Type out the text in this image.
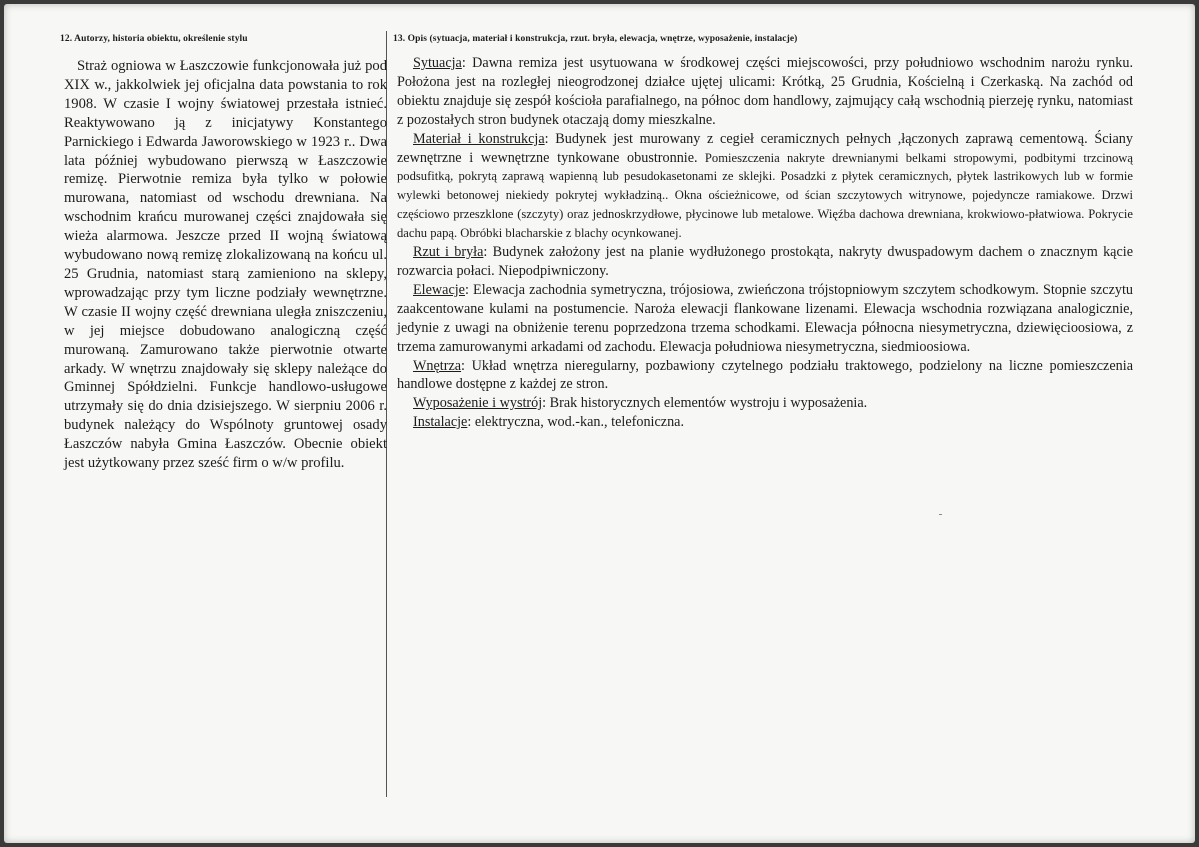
12. Autorzy, historia obiektu, określenie stylu

Straż ogniowa w Łaszczowie funkcjonowała już pod XIX w., jakkolwiek jej oficjalna data powstania to rok 1908. W czasie I wojny światowej przestała istnieć. Reaktywowano ją z inicjatywy Konstantego Parnickiego i Edwarda Jaworowskiego w 1923 r.. Dwa lata później wybudowano pierwszą w Łaszczowie remizę. Pierwotnie remiza była tylko w połowie murowana, natomiast od wschodu drewniana. Na wschodnim krańcu murowanej części znajdowała się wieża alarmowa. Jeszcze przed II wojną światową wybudowano nową remizę zlokalizowaną na końcu ul. 25 Grudnia, natomiast starą zamieniono na sklepy, wprowadzając przy tym liczne podziały wewnętrzne. W czasie II wojny część drewniana uległa zniszczeniu, w jej miejsce dobudowano analogiczną część murowaną. Zamurowano także pierwotnie otwarte arkady. W wnętrzu znajdowały się sklepy należące do Gminnej Spółdzielni. Funkcje handlowo-usługowe utrzymały się do dnia dzisiejszego. W sierpniu 2006 r. budynek należący do Wspólnoty gruntowej osady Łaszczów nabyła Gmina Łaszczów. Obecnie obiekt jest użytkowany przez sześć firm o w/w profilu.

13. Opis (sytuacja, materiał i konstrukcja, rzut. bryła, elewacja, wnętrze, wyposażenie, instalacje)

Sytuacja: Dawna remiza jest usytuowana w środkowej części miejscowości, przy południowo wschodnim narożu rynku. Położona jest na rozległej nieogrodzonej działce ujętej ulicami: Krótką, 25 Grudnia, Kościelną i Czerkaską. Na zachód od obiektu znajduje się zespół kościoła parafialnego, na północ dom handlowy, zajmujący całą wschodnią pierzeję rynku, natomiast z pozostałych stron budynek otaczają domy mieszkalne.

Materiał i konstrukcja: Budynek jest murowany z cegieł ceramicznych pełnych ,łączonych zaprawą cementową. Ściany zewnętrzne i wewnętrzne tynkowane obustronnie. Pomieszczenia nakryte drewnianymi belkami stropowymi, podbitymi trzcinową podsufitką, pokrytą zaprawą wapienną lub pesudokasetonami ze sklejki. Posadzki z płytek ceramicznych, płytek lastrikowych lub w formie wylewki betonowej niekiedy pokrytej wykładziną.. Okna ościeżnicowe, od ścian szczytowych witrynowe, pojedyncze ramiakowe. Drzwi częściowo przeszklone (szczyty) oraz jednoskrzydłowe, płycinowe lub metalowe. Więźba dachowa drewniana, krokwiowo-płatwiowa. Pokrycie dachu papą. Obróbki blacharskie z blachy ocynkowanej.

Rzut i bryła: Budynek założony jest na planie wydłużonego prostokąta, nakryty dwuspadowym dachem o znacznym kącie rozwarcia połaci. Niepodpiwniczony.

Elewacje: Elewacja zachodnia symetryczna, trójosiowa, zwieńczona trójstopniowym szczytem schodkowym. Stopnie szczytu zaakcentowane kulami na postumencie. Naroża elewacji flankowane lizenami. Elewacja wschodnia rozwiązana analogicznie, jedynie z uwagi na obniżenie terenu poprzedzona trzema schodkami. Elewacja północna niesymetryczna, dziewięcioosiowa, z trzema zamurowanymi arkadami od zachodu. Elewacja południowa niesymetryczna, siedmioosiowa.

Wnętrza: Układ wnętrza nieregularny, pozbawiony czytelnego podziału traktowego, podzielony na liczne pomieszczenia handlowe dostępne z każdej ze stron.

Wyposażenie i wystrój: Brak historycznych elementów wystroju i wyposażenia.

Instalacje: elektryczna, wod.-kan., telefoniczna.
